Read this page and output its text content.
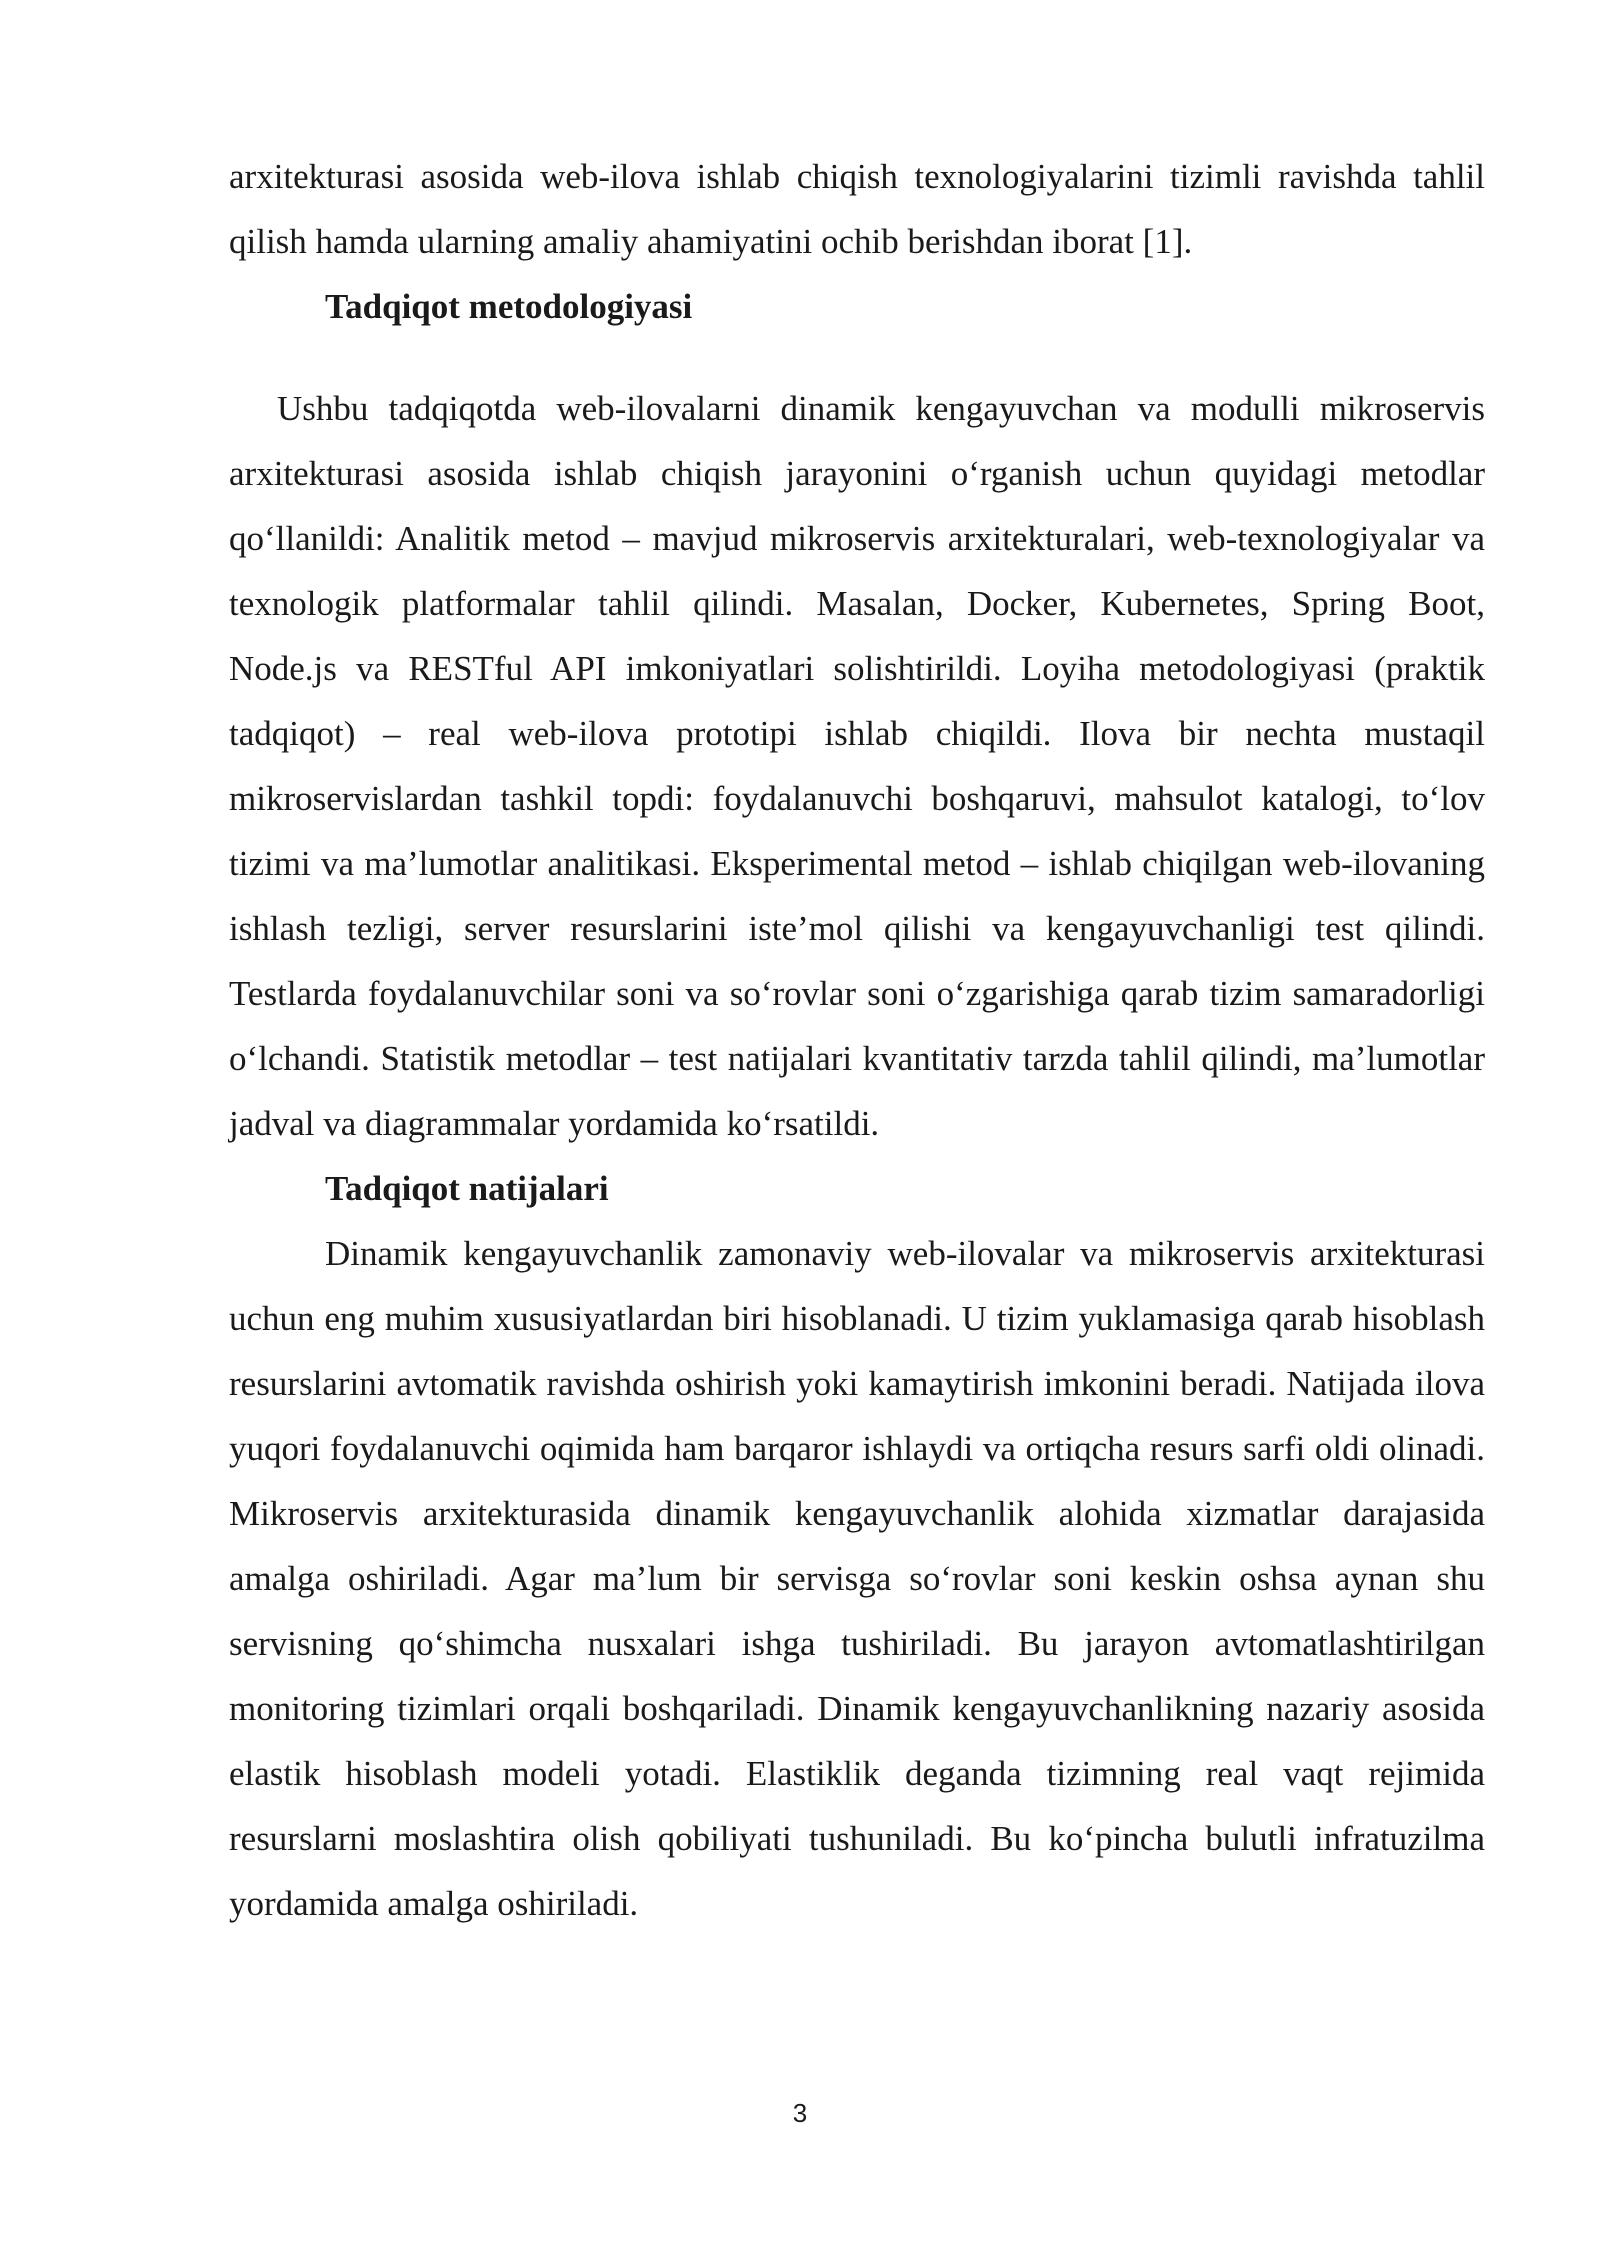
arxitekturasi asosida web-ilova ishlab chiqish texnologiyalarini tizimli ravishda tahlil qilish hamda ularning amaliy ahamiyatini ochib berishdan iborat [1].

Tadqiqot metodologiyasi

Ushbu tadqiqotda web-ilovalarni dinamik kengayuvchan va modulli mikroservis arxitekturasi asosida ishlab chiqish jarayonini o‘rganish uchun quyidagi metodlar qo‘llanildi: Analitik metod – mavjud mikroservis arxitekturalari, web-texnologiyalar va texnologik platformalar tahlil qilindi. Masalan, Docker, Kubernetes, Spring Boot, Node.js va RESTful API imkoniyatlari solishtirildi. Loyiha metodologiyasi (praktik tadqiqot) – real web-ilova prototipi ishlab chiqildi. Ilova bir nechta mustaqil mikroservislardan tashkil topdi: foydalanuvchi boshqaruvi, mahsulot katalogi, to‘lov tizimi va ma’lumotlar analitikasi. Eksperimental metod – ishlab chiqilgan web-ilovaning ishlash tezligi, server resurslarini iste’mol qilishi va kengayuvchanligi test qilindi. Testlarda foydalanuvchilar soni va so‘rovlar soni o‘zgarishiga qarab tizim samaradorligi o‘lchandi. Statistik metodlar – test natijalari kvantitativ tarzda tahlil qilindi, ma’lumotlar jadval va diagrammalar yordamida ko‘rsatildi.

Tadqiqot natijalari

Dinamik kengayuvchanlik zamonaviy web-ilovalar va mikroservis arxitekturasi uchun eng muhim xususiyatlardan biri hisoblanadi. U tizim yuklamasiga qarab hisoblash resurslarini avtomatik ravishda oshirish yoki kamaytirish imkonini beradi. Natijada ilova yuqori foydalanuvchi oqimida ham barqaror ishlaydi va ortiqcha resurs sarfi oldi olinadi. Mikroservis arxitekturasida dinamik kengayuvchanlik alohida xizmatlar darajasida amalga oshiriladi. Agar ma’lum bir servisga so‘rovlar soni keskin oshsa aynan shu servisning qo‘shimcha nusxalari ishga tushiriladi. Bu jarayon avtomatlashtirilgan monitoring tizimlari orqali boshqariladi. Dinamik kengayuvchanlikning nazariy asosida elastik hisoblash modeli yotadi. Elastiklik deganda tizimning real vaqt rejimida resurslarni moslashtira olish qobiliyati tushuniladi. Bu ko‘pincha bulutli infratuzilma yordamida amalga oshiriladi.

3
